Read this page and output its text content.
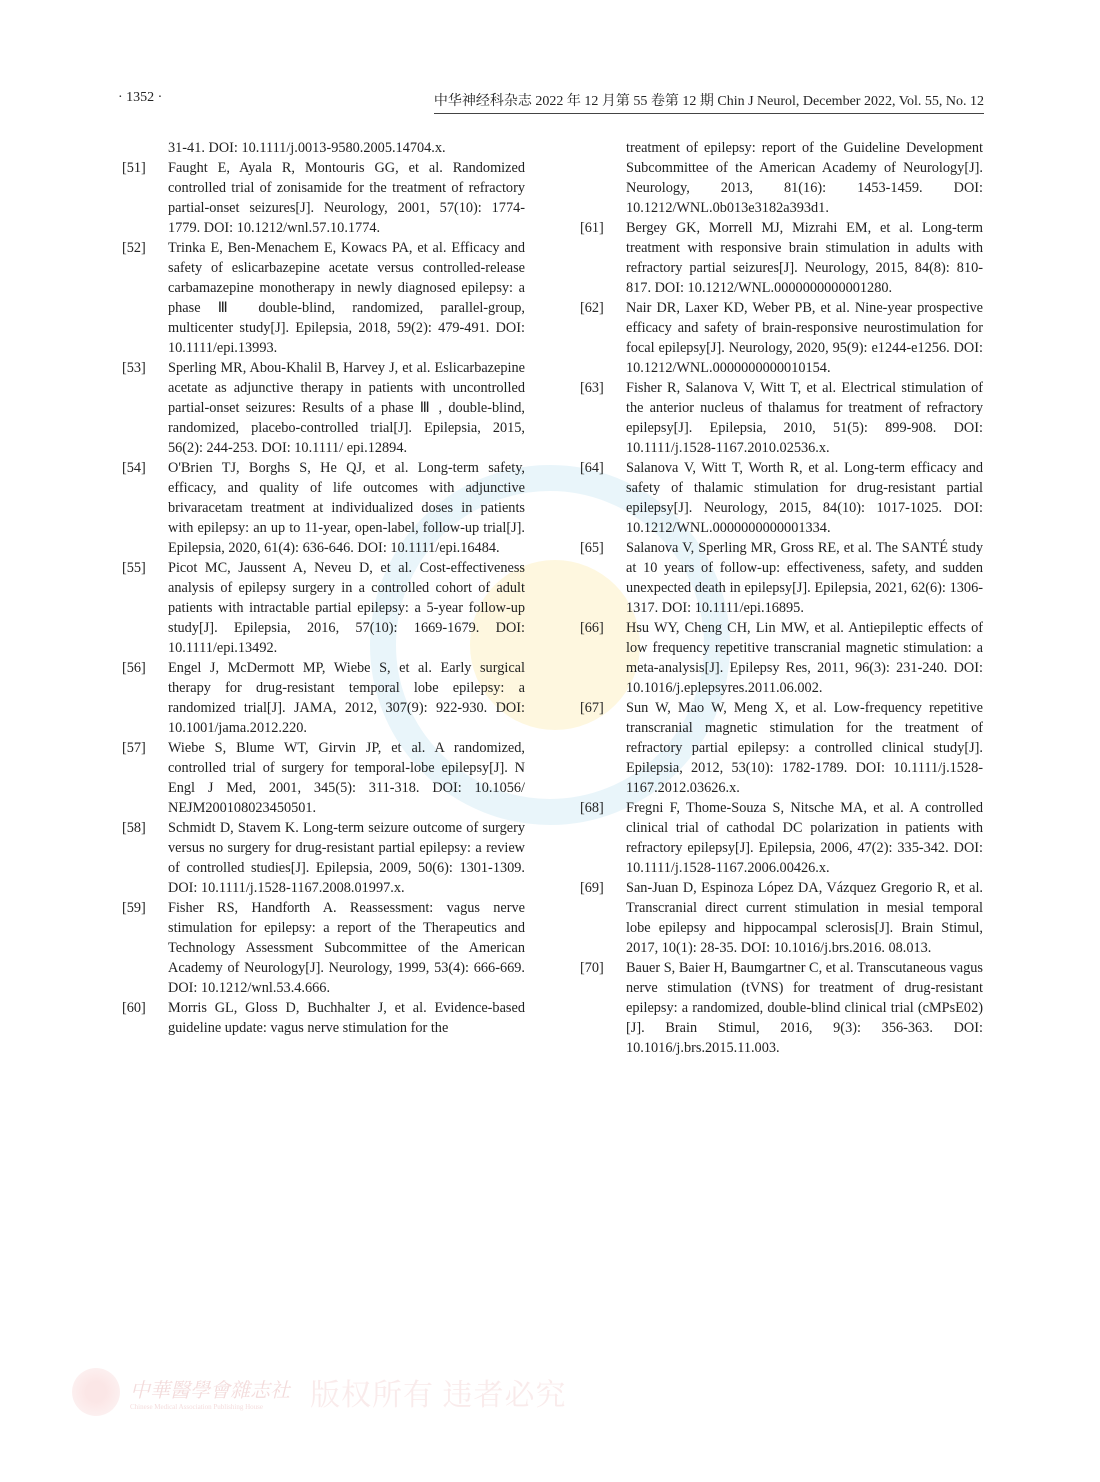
· 1352 ·	中华神经科杂志 2022 年 12 月第 55 卷第 12 期 Chin J Neurol, December 2022, Vol. 55, No. 12
31-41. DOI: 10.1111/j.0013-9580.2005.14704.x.
[51]	Faught E, Ayala R, Montouris GG, et al. Randomized controlled trial of zonisamide for the treatment of refractory partial-onset seizures[J]. Neurology, 2001, 57(10): 1774-1779. DOI: 10.1212/wnl.57.10.1774.
[52]	Trinka E, Ben-Menachem E, Kowacs PA, et al. Efficacy and safety of eslicarbazepine acetate versus controlled-release carbamazepine monotherapy in newly diagnosed epilepsy: a phase Ⅲ double-blind, randomized, parallel-group, multicenter study[J]. Epilepsia, 2018, 59(2): 479-491. DOI: 10.1111/epi.13993.
[53]	Sperling MR, Abou-Khalil B, Harvey J, et al. Eslicarbazepine acetate as adjunctive therapy in patients with uncontrolled partial-onset seizures: Results of a phase Ⅲ , double-blind, randomized, placebo-controlled trial[J]. Epilepsia, 2015, 56(2): 244-253. DOI: 10.1111/ epi.12894.
[54]	O'Brien TJ, Borghs S, He QJ, et al. Long-term safety, efficacy, and quality of life outcomes with adjunctive brivaracetam treatment at individualized doses in patients with epilepsy: an up to 11-year, open-label, follow-up trial[J]. Epilepsia, 2020, 61(4): 636-646. DOI: 10.1111/epi.16484.
[55]	Picot MC, Jaussent A, Neveu D, et al. Cost-effectiveness analysis of epilepsy surgery in a controlled cohort of adult patients with intractable partial epilepsy: a 5-year follow-up study[J]. Epilepsia, 2016, 57(10): 1669-1679. DOI: 10.1111/epi.13492.
[56]	Engel J, McDermott MP, Wiebe S, et al. Early surgical therapy for drug-resistant temporal lobe epilepsy: a randomized trial[J]. JAMA, 2012, 307(9): 922-930. DOI: 10.1001/jama.2012.220.
[57]	Wiebe S, Blume WT, Girvin JP, et al. A randomized, controlled trial of surgery for temporal-lobe epilepsy[J]. N Engl J Med, 2001, 345(5): 311-318. DOI: 10.1056/ NEJM200108023450501.
[58]	Schmidt D, Stavem K. Long-term seizure outcome of surgery versus no surgery for drug-resistant partial epilepsy: a review of controlled studies[J]. Epilepsia, 2009, 50(6): 1301-1309. DOI: 10.1111/j.1528-1167.2008.01997.x.
[59]	Fisher RS, Handforth A. Reassessment: vagus nerve stimulation for epilepsy: a report of the Therapeutics and Technology Assessment Subcommittee of the American Academy of Neurology[J]. Neurology, 1999, 53(4): 666-669. DOI: 10.1212/wnl.53.4.666.
[60]	Morris GL, Gloss D, Buchhalter J, et al. Evidence-based guideline update: vagus nerve stimulation for the
treatment of epilepsy: report of the Guideline Development Subcommittee of the American Academy of Neurology[J]. Neurology, 2013, 81(16): 1453-1459. DOI: 10.1212/WNL.0b013e3182a393d1.
[61]	Bergey GK, Morrell MJ, Mizrahi EM, et al. Long-term treatment with responsive brain stimulation in adults with refractory partial seizures[J]. Neurology, 2015, 84(8): 810-817. DOI: 10.1212/WNL.0000000000001280.
[62]	Nair DR, Laxer KD, Weber PB, et al. Nine-year prospective efficacy and safety of brain-responsive neurostimulation for focal epilepsy[J]. Neurology, 2020, 95(9): e1244-e1256. DOI: 10.1212/WNL.0000000000010154.
[63]	Fisher R, Salanova V, Witt T, et al. Electrical stimulation of the anterior nucleus of thalamus for treatment of refractory epilepsy[J]. Epilepsia, 2010, 51(5): 899-908. DOI: 10.1111/j.1528-1167.2010.02536.x.
[64]	Salanova V, Witt T, Worth R, et al. Long-term efficacy and safety of thalamic stimulation for drug-resistant partial epilepsy[J]. Neurology, 2015, 84(10): 1017-1025. DOI: 10.1212/WNL.0000000000001334.
[65]	Salanova V, Sperling MR, Gross RE, et al. The SANTÉ study at 10 years of follow-up: effectiveness, safety, and sudden unexpected death in epilepsy[J]. Epilepsia, 2021, 62(6): 1306-1317. DOI: 10.1111/epi.16895.
[66]	Hsu WY, Cheng CH, Lin MW, et al. Antiepileptic effects of low frequency repetitive transcranial magnetic stimulation: a meta-analysis[J]. Epilepsy Res, 2011, 96(3): 231-240. DOI: 10.1016/j.eplepsyres.2011.06.002.
[67]	Sun W, Mao W, Meng X, et al. Low-frequency repetitive transcranial magnetic stimulation for the treatment of refractory partial epilepsy: a controlled clinical study[J]. Epilepsia, 2012, 53(10): 1782-1789. DOI: 10.1111/j.1528-1167.2012.03626.x.
[68]	Fregni F, Thome-Souza S, Nitsche MA, et al. A controlled clinical trial of cathodal DC polarization in patients with refractory epilepsy[J]. Epilepsia, 2006, 47(2): 335-342. DOI: 10.1111/j.1528-1167.2006.00426.x.
[69]	San-Juan D, Espinoza López DA, Vázquez Gregorio R, et al. Transcranial direct current stimulation in mesial temporal lobe epilepsy and hippocampal sclerosis[J]. Brain Stimul, 2017, 10(1): 28-35. DOI: 10.1016/j.brs.2016. 08.013.
[70]	Bauer S, Baier H, Baumgartner C, et al. Transcutaneous vagus nerve stimulation (tVNS) for treatment of drug-resistant epilepsy: a randomized, double-blind clinical trial (cMPsE02) [J]. Brain Stimul, 2016, 9(3): 356-363. DOI: 10.1016/j.brs.2015.11.003.
中華醫學會雜志社
Chinese Medical Association Publishing House	版权所有 违者必究
